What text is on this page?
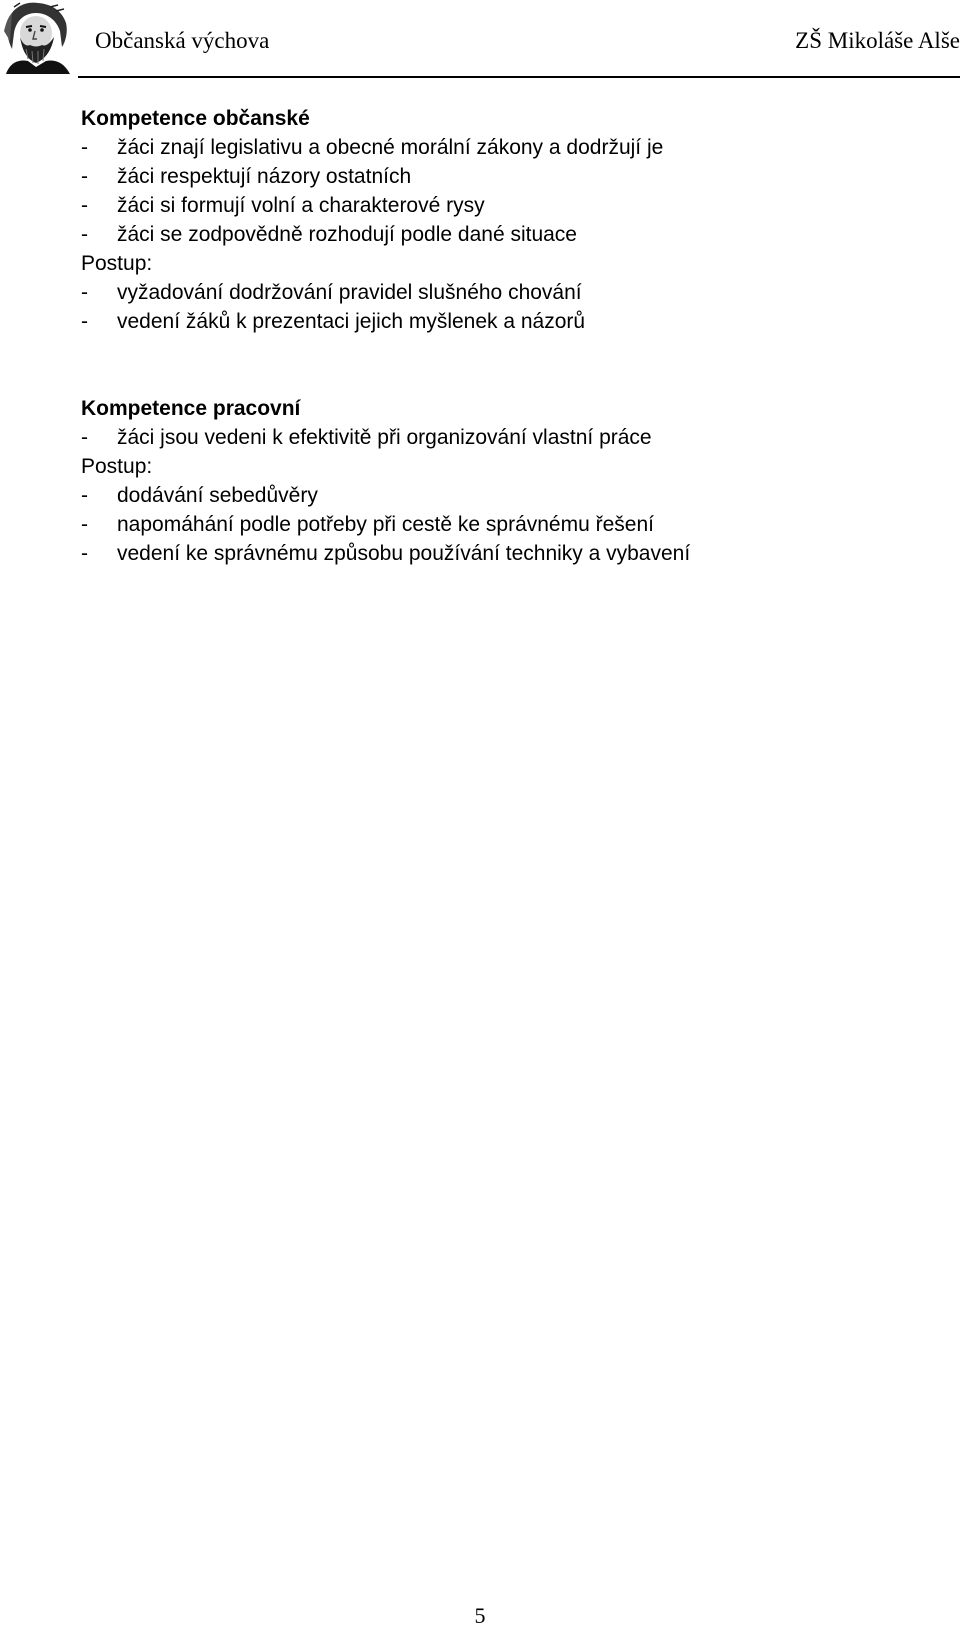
Občanská výchova	ZŠ Mikoláše Alše

Kompetence občanské

-	žáci znají legislativu a obecné morální zákony a dodržují je
-	žáci respektují názory ostatních
-	žáci si formují volní a charakterové rysy
-	žáci se zodpovědně rozhodují podle dané situace

Postup:

-	vyžadování dodržování pravidel slušného chování
-	vedení žáků k prezentaci jejich myšlenek a názorů

Kompetence pracovní

-	žáci jsou vedeni k efektivitě při organizování vlastní práce

Postup:

-	dodávání sebedůvěry
-	napomáhání podle potřeby při cestě ke správnému řešení
-	vedení ke správnému způsobu používání techniky a vybavení
5
